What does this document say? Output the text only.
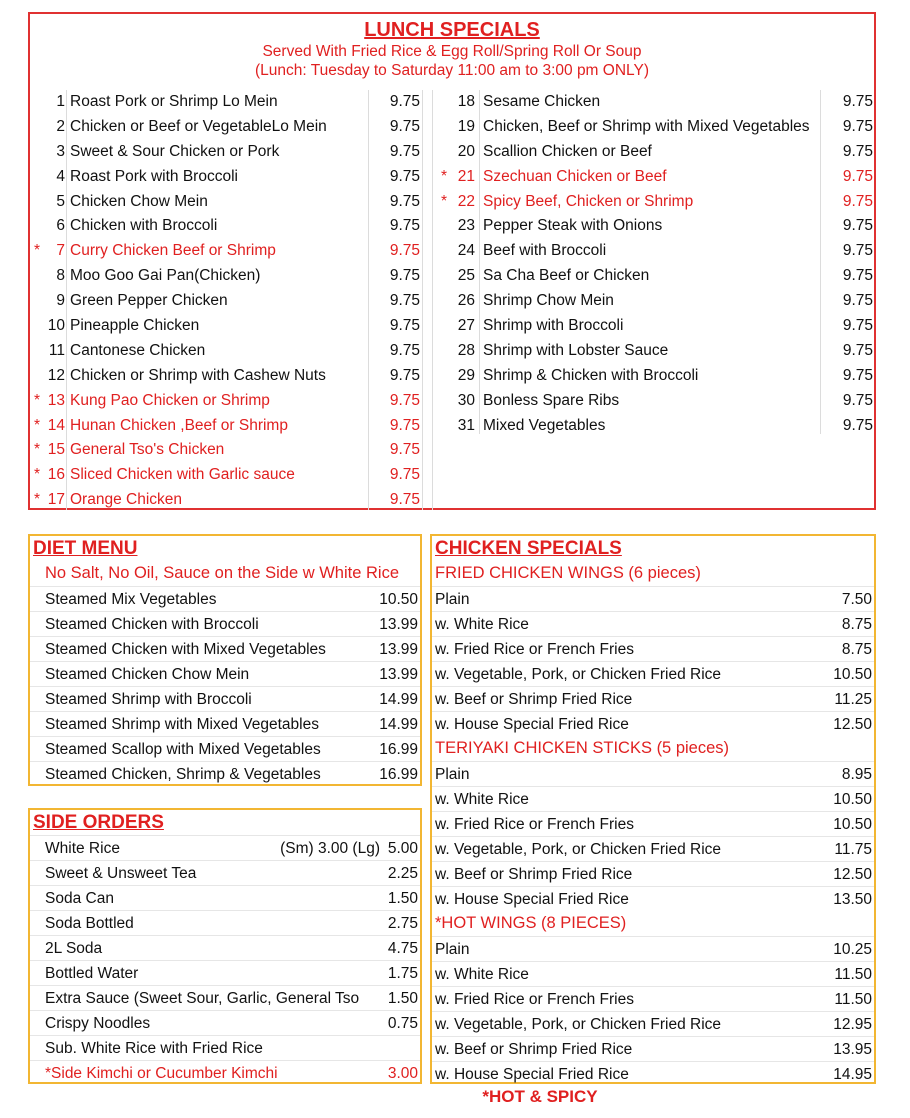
LUNCH SPECIALS
Served With Fried Rice & Egg Roll/Spring Roll Or Soup
(Lunch: Tuesday to Saturday 11:00 am to 3:00 pm ONLY)
1 Roast Pork or Shrimp Lo Mein	9.75
2 Chicken or Beef or VegetableLo Mein	9.75
3 Sweet & Sour Chicken or Pork	9.75
4 Roast Pork with Broccoli	9.75
5 Chicken Chow Mein	9.75
6 Chicken with Broccoli	9.75
*	7 Curry Chicken Beef or Shrimp	9.75
8 Moo Goo Gai Pan(Chicken)	9.75
9 Green Pepper Chicken	9.75
10 Pineapple Chicken	9.75
11 Cantonese Chicken	9.75
12 Chicken or Shrimp with Cashew Nuts	9.75
* 13 Kung Pao Chicken or Shrimp	9.75
* 14 Hunan Chicken ,Beef or Shrimp	9.75
* 15 General Tso's Chicken	9.75
* 16 Sliced Chicken with Garlic sauce	9.75
* 17 Orange Chicken	9.75
18 Sesame Chicken	9.75
19 Chicken, Beef or Shrimp with Mixed Vegetables	9.75
20 Scallion Chicken or Beef	9.75
* 21 Szechuan Chicken or Beef	9.75
* 22 Spicy Beef, Chicken or Shrimp	9.75
23 Pepper Steak with Onions	9.75
24 Beef with Broccoli	9.75
25 Sa Cha Beef or Chicken	9.75
26 Shrimp Chow Mein	9.75
27 Shrimp with Broccoli	9.75
28 Shrimp with Lobster Sauce	9.75
29 Shrimp & Chicken with Broccoli	9.75
30 Bonless Spare Ribs	9.75
31 Mixed Vegetables	9.75
DIET MENU
No Salt, No Oil, Sauce on the Side w White Rice
Steamed Mix Vegetables	10.50
Steamed Chicken with Broccoli	13.99
Steamed Chicken with Mixed Vegetables	13.99
Steamed Chicken Chow Mein	13.99
Steamed Shrimp with Broccoli	14.99
Steamed Shrimp with Mixed Vegetables	14.99
Steamed Scallop with Mixed Vegetables	16.99
Steamed Chicken, Shrimp & Vegetables	16.99
SIDE ORDERS
White Rice	(Sm) 3.00 (Lg) 5.00
Sweet & Unsweet Tea	2.25
Soda Can	1.50
Soda Bottled	2.75
2L Soda	4.75
Bottled Water	1.75
Extra Sauce (Sweet Sour, Garlic, General Tso	1.50
Crispy Noodles	0.75
Sub. White Rice with Fried Rice
*Side Kimchi or Cucumber Kimchi	3.00
CHICKEN SPECIALS
FRIED CHICKEN WINGS (6 pieces)
Plain	7.50
w. White Rice	8.75
w. Fried Rice or French Fries	8.75
w. Vegetable, Pork, or Chicken Fried Rice	10.50
w. Beef or Shrimp Fried Rice	11.25
w. House Special Fried Rice	12.50
TERIYAKI CHICKEN STICKS (5 pieces)
Plain	8.95
w. White Rice	10.50
w. Fried Rice or French Fries	10.50
w. Vegetable, Pork, or Chicken Fried Rice	11.75
w. Beef or Shrimp Fried Rice	12.50
w. House Special Fried Rice	13.50
*HOT WINGS (8 PIECES)
Plain	10.25
w. White Rice	11.50
w. Fried Rice or French Fries	11.50
w. Vegetable, Pork, or Chicken Fried Rice	12.95
w. Beef or Shrimp Fried Rice	13.95
w. House Special Fried Rice	14.95
*HOT & SPICY
